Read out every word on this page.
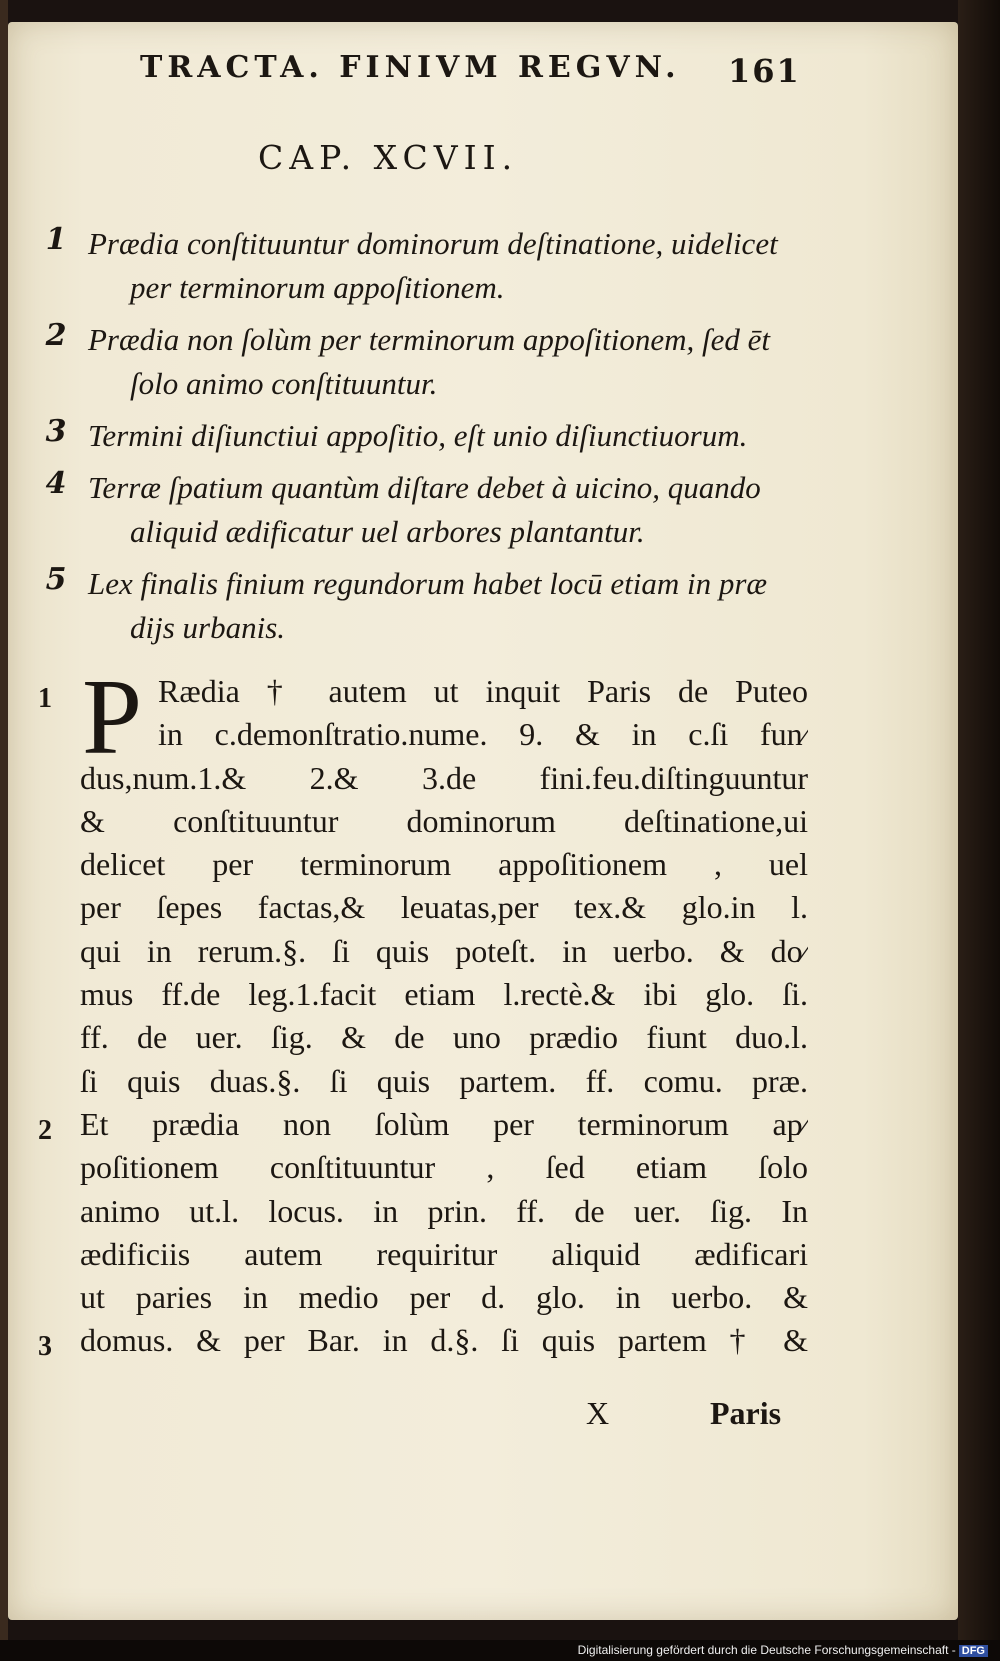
TRACTA. FINIVM REGVN. 161
CAP. XCVII.
1 Prædia conſtituuntur dominorum deſtinatione, uidelicet
per terminorum appoſitionem.
2 Prædia non ſolùm per terminorum appoſitionem, ſed ēt
ſolo animo conſtituuntur.
3 Termini diſiunctiui appoſitio, eſt unio diſiunctiuorum.
4 Terræ ſpatium quantùm diſtare debet à uicino, quando
aliquid ædificatur uel arbores plantantur.
5 Lex finalis finium regundorum habet locū etiam in præ
dijs urbanis.
P Rædia † autem ut inquit Paris de Puteo
in c.demonſtratio.nume. 9. & in c.ſi fun⁄
dus,num.1.& 2.& 3.de fini.feu.diſtinguuntur
& conſtituuntur dominorum deſtinatione,ui
delicet per terminorum appoſitionem , uel
per ſepes factas,& leuatas,per tex.& glo.in l.
qui in rerum.§. ſi quis poteſt. in uerbo. & do⁄
mus ff.de leg.1.facit etiam l.rectè.& ibi glo. ſi.
ff. de uer. ſig. & de uno prædio fiunt duo.l.
ſi quis duas.§. ſi quis partem. ff. comu. præ.
Et prædia non ſolùm per terminorum ap⁄
poſitionem conſtituuntur , ſed etiam ſolo
animo ut.l. locus. in prin. ff. de uer. ſig. In
ædificiis autem requiritur aliquid ædificari
ut paries in medio per d. glo. in uerbo. &
domus. & per Bar. in d.§. ſi quis partem † &
1
2
3
X	Paris
Digitalisierung gefördert durch die Deutsche Forschungsgemeinschaft - DFG
